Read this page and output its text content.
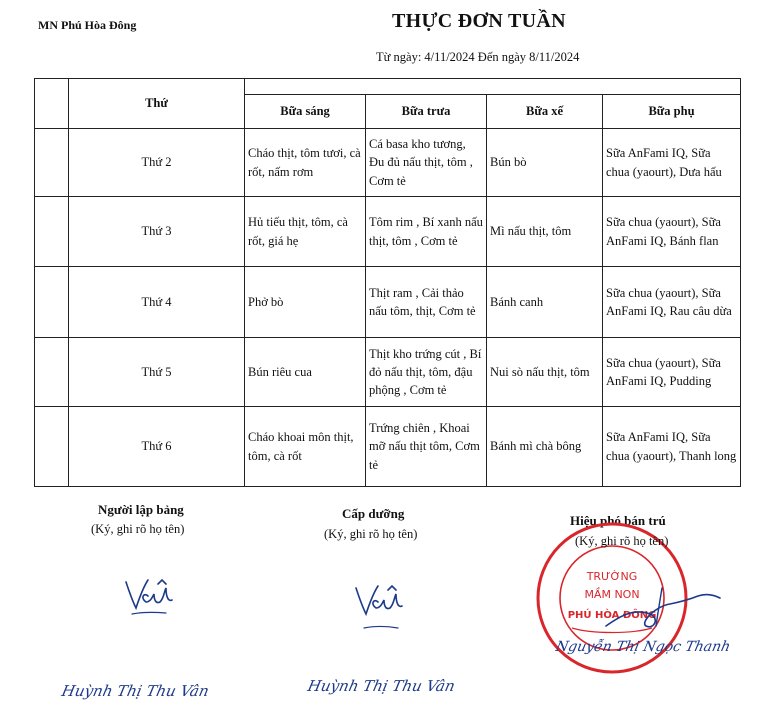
MN Phú Hòa Đông	THỰC ĐƠN TUẦN
Từ ngày: 4/11/2024 Đến ngày 8/11/2024
	Thứ				
		Bữa sáng	Bữa trưa	Bữa xế	Bữa phụ
	Thứ 2	Cháo thịt, tôm tươi, cà rốt, nấm rơm	Cá basa kho tương, Đu đủ nấu thịt, tôm , Cơm tẻ	Bún bò	Sữa AnFami IQ, Sữa chua (yaourt), Dưa hấu
	Thứ 3	Hủ tiếu thịt, tôm, cà rốt, giá hẹ	Tôm rim , Bí xanh nấu thịt, tôm , Cơm tẻ	Mì nấu thịt, tôm	Sữa chua (yaourt), Sữa AnFami IQ, Bánh flan
	Thứ 4	Phở bò	Thịt ram , Cải thảo nấu tôm, thịt, Cơm tẻ	Bánh canh	Sữa chua (yaourt), Sữa AnFami IQ, Rau câu dừa
	Thứ 5	Bún riêu cua	Thịt kho trứng cút , Bí đỏ nấu thịt, tôm, đậu phộng , Cơm tẻ	Nui sò nấu thịt, tôm	Sữa chua (yaourt), Sữa AnFami IQ, Pudding
	Thứ 6	Cháo khoai môn thịt, tôm, cà rốt	Trứng chiên , Khoai mỡ nấu thịt tôm, Cơm tẻ	Bánh mì chà bông	Sữa AnFami IQ, Sữa chua (yaourt), Thanh long
Người lập bảng
(Ký, ghi rõ họ tên)
Huỳnh Thị Thu Vân
Cấp dưỡng
(Ký, ghi rõ họ tên)
Huỳnh Thị Thu Vân
Hiệu phó bán trú
(Ký, ghi rõ họ tên)
TRƯỜNG
MẦM NON
PHÚ HÒA ĐÔNG
Nguyễn Thị Ngọc Thanh
